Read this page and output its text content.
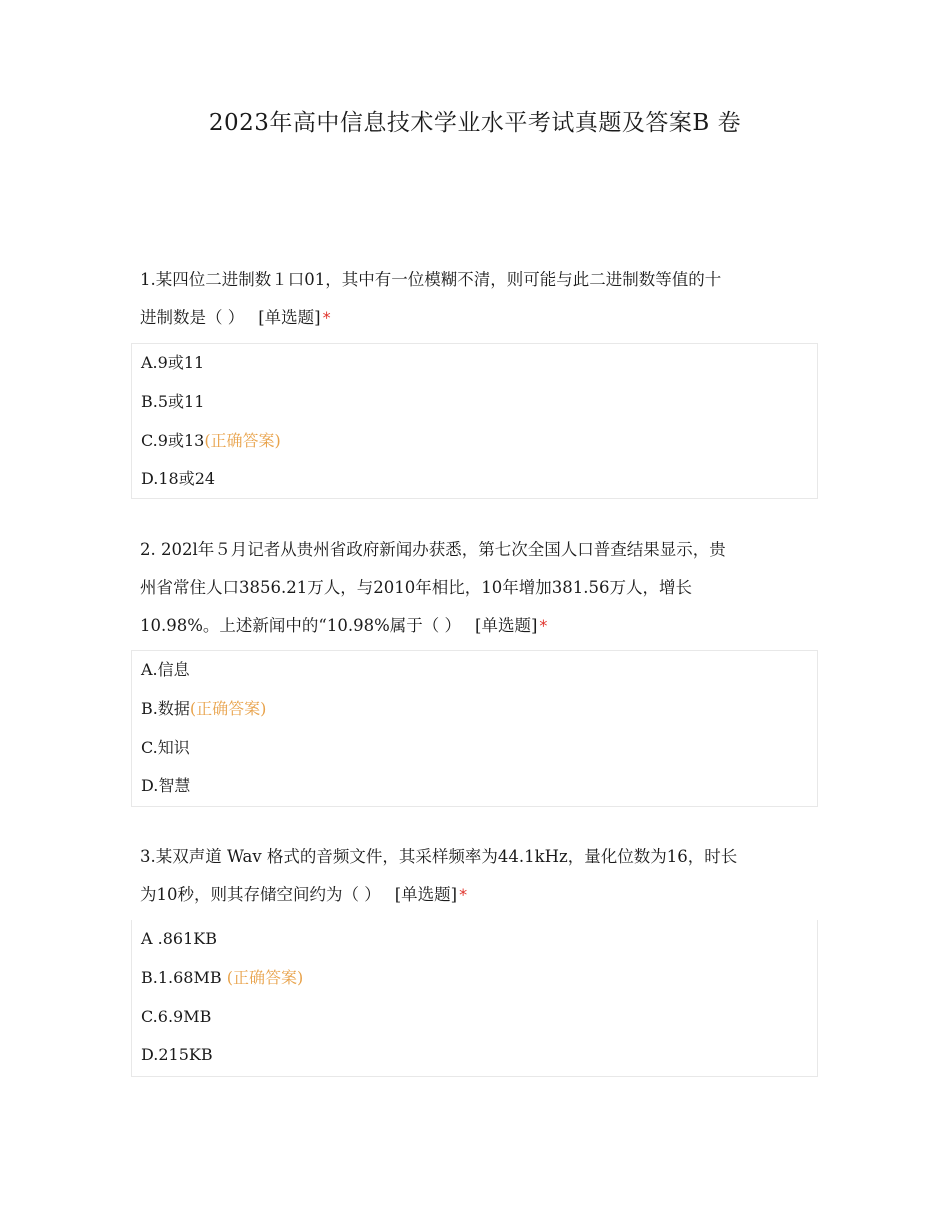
2023年高中信息技术学业水平考试真题及答案B 卷
1.某四位二进制数１口01，其中有一位模糊不清，则可能与此二进制数等值的十
进制数是（ ） [单选题] *
A.9或11
B.5或11
C.9或13(正确答案)
D.18或24
2. 202l年５月记者从贵州省政府新闻办获悉，第七次全国人口普查结果显示，贵
州省常住人口3856.21万人，与2010年相比，10年增加381.56万人，增长
10.98%。上述新闻中的“10.98%属于（ ） [单选题] *
A.信息
B.数据(正确答案)
C.知识
D.智慧
3.某双声道 Wav 格式的音频文件，其采样频率为44.1kHz，量化位数为16，时长
为10秒，则其存储空间约为（ ） [单选题] *
A .861KB
B.1.68MB (正确答案)
C.6.9MB
D.215KB
